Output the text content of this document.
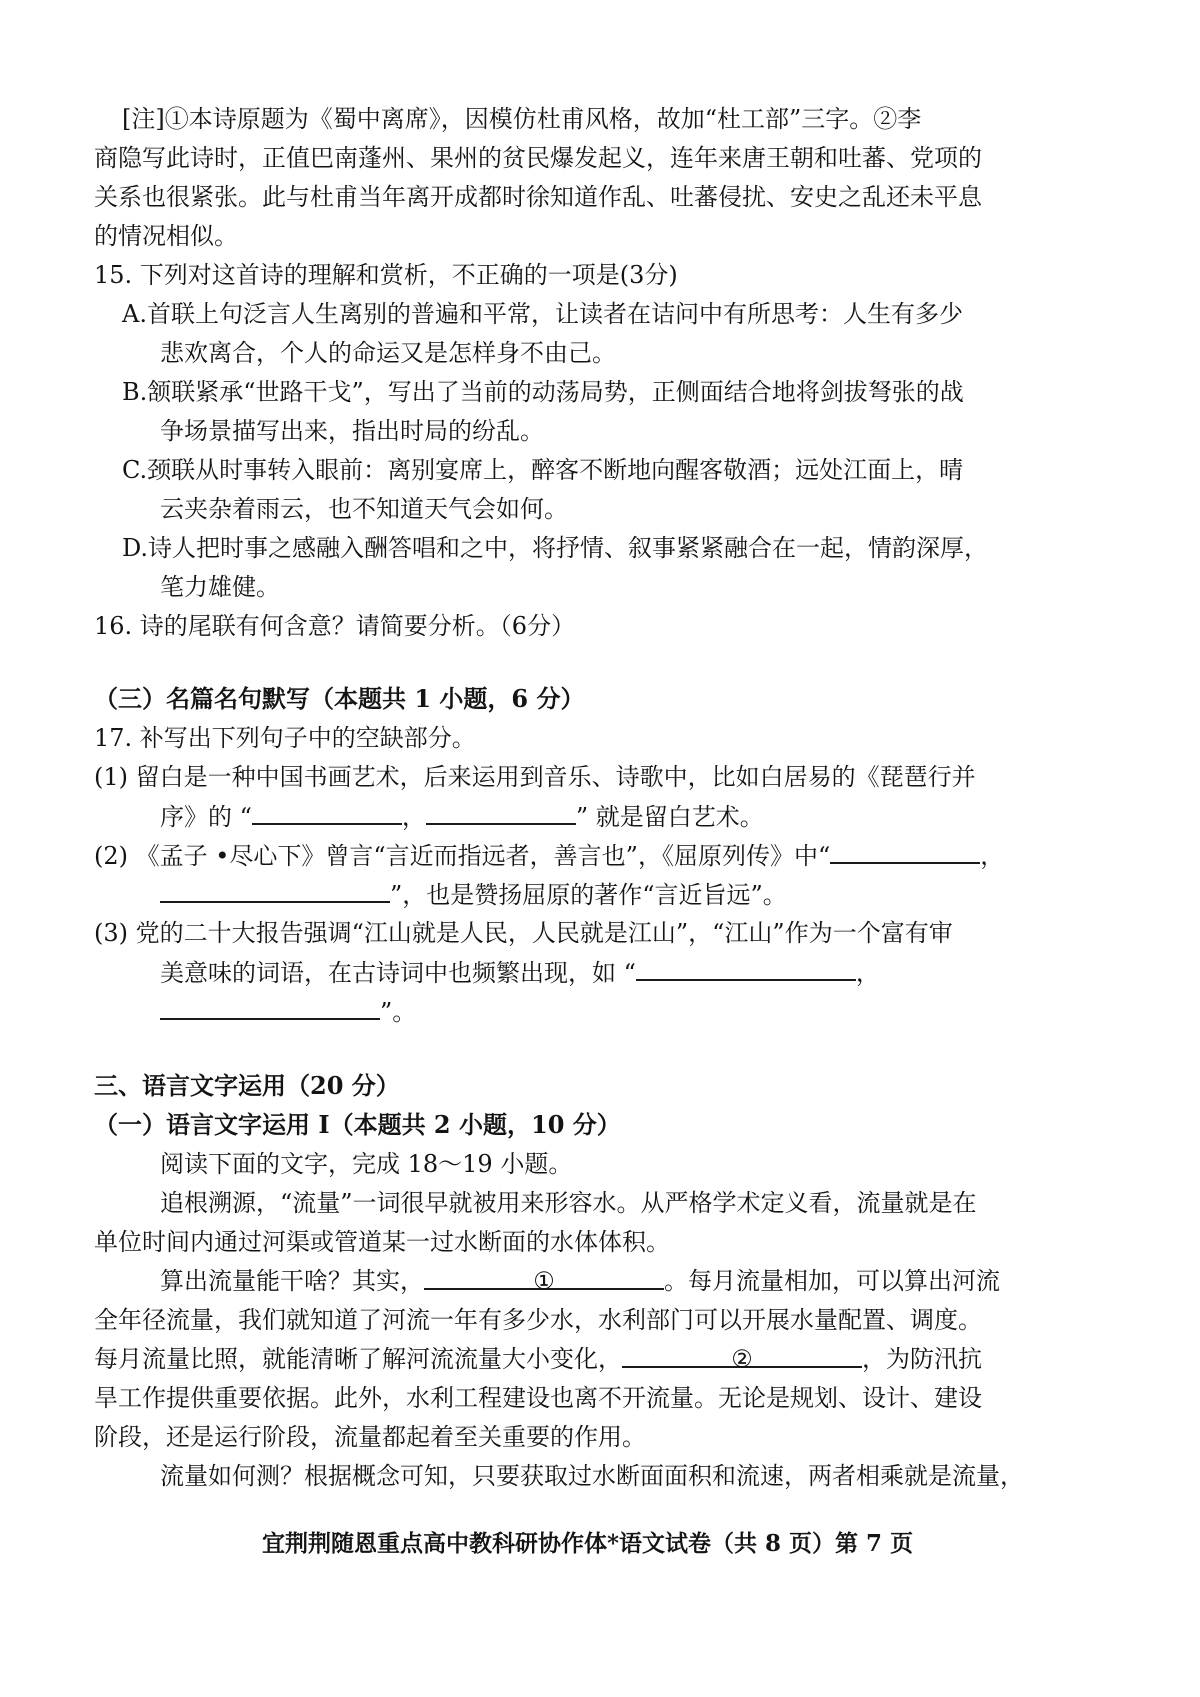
[注]①本诗原题为《蜀中离席》，因模仿杜甫风格，故加“杜工部”三字。②李
商隐写此诗时，正值巴南蓬州、果州的贫民爆发起义，连年来唐王朝和吐蕃、党项的
关系也很紧张。此与杜甫当年离开成都时徐知道作乱、吐蕃侵扰、安史之乱还未平息
的情况相似。
15. 下列对这首诗的理解和赏析，不正确的一项是(3分)
A.首联上句泛言人生离别的普遍和平常，让读者在诘问中有所思考：人生有多少
悲欢离合，个人的命运又是怎样身不由己。
B.颔联紧承“世路干戈”，写出了当前的动荡局势，正侧面结合地将剑拔弩张的战
争场景描写出来，指出时局的纷乱。
C.颈联从时事转入眼前：离别宴席上，醉客不断地向醒客敬酒；远处江面上，晴
云夹杂着雨云，也不知道天气会如何。
D.诗人把时事之感融入酬答唱和之中，将抒情、叙事紧紧融合在一起，情韵深厚，
笔力雄健。
16. 诗的尾联有何含意？请简要分析。（6分）
（三）名篇名句默写（本题共 1 小题，6 分）
17. 补写出下列句子中的空缺部分。
(1) 留白是一种中国书画艺术，后来运用到音乐、诗歌中，比如白居易的《琵琶行并
序》的 “	，	” 就是留白艺术。
(2) 《孟子 •尽心下》曾言“言近而指远者，善言也”，《屈原列传》中“	，
”，也是赞扬屈原的著作“言近旨远”。
(3) 党的二十大报告强调“江山就是人民，人民就是江山”，“江山”作为一个富有审
美意味的词语，在古诗词中也频繁出现，如 “	，
”。
三、语言文字运用（20 分）
（一）语言文字运用 I（本题共 2 小题，10 分）
阅读下面的文字，完成 18～19 小题。
追根溯源，“流量”一词很早就被用来形容水。从严格学术定义看，流量就是在
单位时间内通过河渠或管道某一过水断面的水体体积。
算出流量能干啥？其实，	①	。每月流量相加，可以算出河流
全年径流量，我们就知道了河流一年有多少水，水利部门可以开展水量配置、调度。
每月流量比照，就能清晰了解河流流量大小变化，	②	，为防汛抗
旱工作提供重要依据。此外，水利工程建设也离不开流量。无论是规划、设计、建设
阶段，还是运行阶段，流量都起着至关重要的作用。
流量如何测？根据概念可知，只要获取过水断面面积和流速，两者相乘就是流量，
宜荆荆随恩重点高中教科研协作体*语文试卷（共 8 页）第 7 页
